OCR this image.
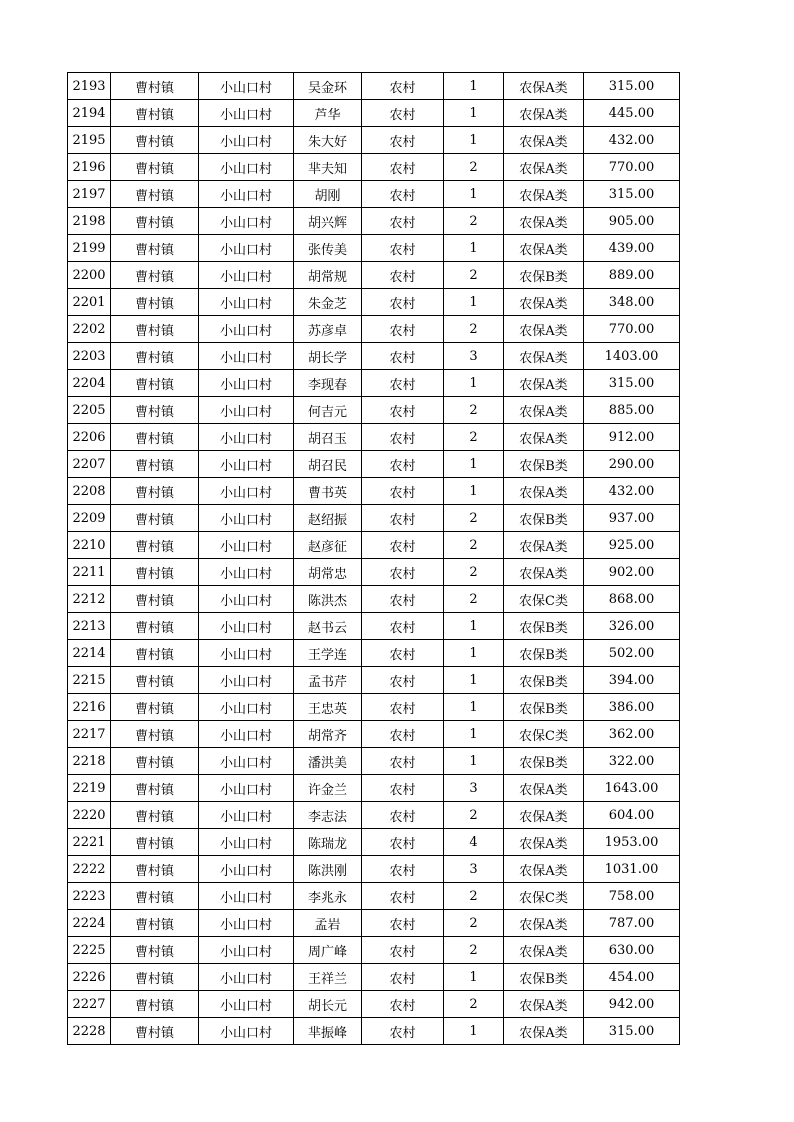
2193	曹村镇	小山口村	吴金环	农村	1	农保A类	315.00
2194	曹村镇	小山口村	芦华	农村	1	农保A类	445.00
2195	曹村镇	小山口村	朱大好	农村	1	农保A类	432.00
2196	曹村镇	小山口村	芈夫知	农村	2	农保A类	770.00
2197	曹村镇	小山口村	胡刚	农村	1	农保A类	315.00
2198	曹村镇	小山口村	胡兴辉	农村	2	农保A类	905.00
2199	曹村镇	小山口村	张传美	农村	1	农保A类	439.00
2200	曹村镇	小山口村	胡常规	农村	2	农保B类	889.00
2201	曹村镇	小山口村	朱金芝	农村	1	农保A类	348.00
2202	曹村镇	小山口村	苏彦卓	农村	2	农保A类	770.00
2203	曹村镇	小山口村	胡长学	农村	3	农保A类	1403.00
2204	曹村镇	小山口村	李现春	农村	1	农保A类	315.00
2205	曹村镇	小山口村	何吉元	农村	2	农保A类	885.00
2206	曹村镇	小山口村	胡召玉	农村	2	农保A类	912.00
2207	曹村镇	小山口村	胡召民	农村	1	农保B类	290.00
2208	曹村镇	小山口村	曹书英	农村	1	农保A类	432.00
2209	曹村镇	小山口村	赵绍振	农村	2	农保B类	937.00
2210	曹村镇	小山口村	赵彦征	农村	2	农保A类	925.00
2211	曹村镇	小山口村	胡常忠	农村	2	农保A类	902.00
2212	曹村镇	小山口村	陈洪杰	农村	2	农保C类	868.00
2213	曹村镇	小山口村	赵书云	农村	1	农保B类	326.00
2214	曹村镇	小山口村	王学连	农村	1	农保B类	502.00
2215	曹村镇	小山口村	孟书芹	农村	1	农保B类	394.00
2216	曹村镇	小山口村	王忠英	农村	1	农保B类	386.00
2217	曹村镇	小山口村	胡常齐	农村	1	农保C类	362.00
2218	曹村镇	小山口村	潘洪美	农村	1	农保B类	322.00
2219	曹村镇	小山口村	许金兰	农村	3	农保A类	1643.00
2220	曹村镇	小山口村	李志法	农村	2	农保A类	604.00
2221	曹村镇	小山口村	陈瑞龙	农村	4	农保A类	1953.00
2222	曹村镇	小山口村	陈洪刚	农村	3	农保A类	1031.00
2223	曹村镇	小山口村	李兆永	农村	2	农保C类	758.00
2224	曹村镇	小山口村	孟岩	农村	2	农保A类	787.00
2225	曹村镇	小山口村	周广峰	农村	2	农保A类	630.00
2226	曹村镇	小山口村	王祥兰	农村	1	农保B类	454.00
2227	曹村镇	小山口村	胡长元	农村	2	农保A类	942.00
2228	曹村镇	小山口村	芈振峰	农村	1	农保A类	315.00
